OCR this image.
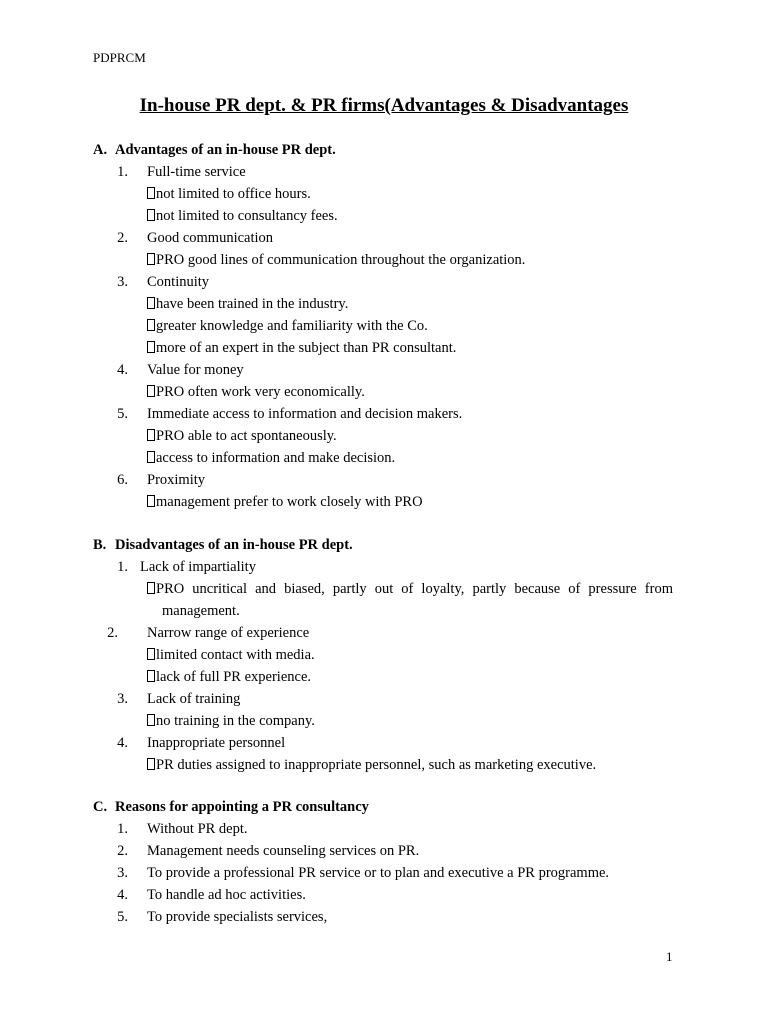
PDPRCM
In-house PR dept. & PR firms(Advantages & Disadvantages
A. Advantages of an in-house PR dept.
1. Full-time service
not limited to office hours.
not limited to consultancy fees.
2. Good communication
PRO good lines of communication throughout the organization.
3. Continuity
have been trained in the industry.
greater knowledge and familiarity with the Co.
more of an expert in the subject than PR consultant.
4. Value for money
PRO often work very economically.
5. Immediate access to information and decision makers.
PRO able to act spontaneously.
access to information and make decision.
6. Proximity
management prefer to work closely with PRO
B. Disadvantages of an in-house PR dept.
1. Lack of impartiality
PRO uncritical and biased, partly out of loyalty, partly because of pressure from
management.
2. Narrow range of experience
limited contact with media.
lack of full PR experience.
3. Lack of training
no training in the company.
4. Inappropriate personnel
PR duties assigned to inappropriate personnel, such as marketing executive.
C. Reasons for appointing a PR consultancy
1. Without PR dept.
2. Management needs counseling services on PR.
3. To provide a professional PR service or to plan and executive a PR programme.
4. To handle ad hoc activities.
5. To provide specialists services,
1
